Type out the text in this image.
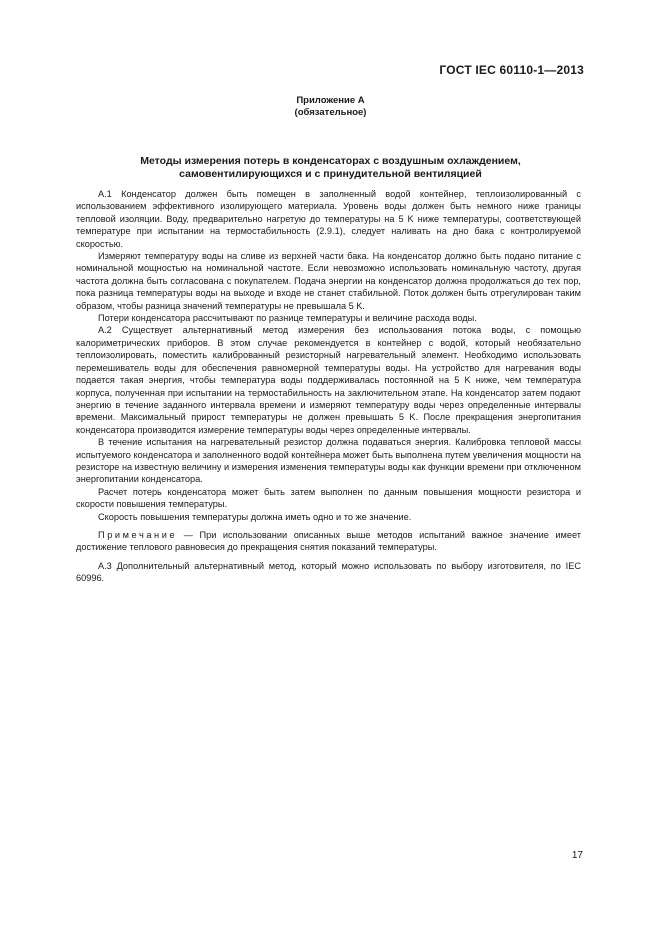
ГОСТ IEC 60110-1—2013
Приложение А
(обязательное)
Методы измерения потерь в конденсаторах с воздушным охлаждением,
самовентилирующихся и с принудительной вентиляцией

А.1 Конденсатор должен быть помещен в заполненный водой контейнер, теплоизолированный с использованием эффективного изолирующего материала. Уровень воды должен быть немного ниже границы тепловой изоляции. Воду, предварительно нагретую до температуры на 5 K ниже температуры, соответствующей температуре при испытании на термостабильность (2.9.1), следует наливать на дно бака с контролируемой скоростью.

Измеряют температуру воды на сливе из верхней части бака. На конденсатор должно быть подано питание с номинальной мощностью на номинальной частоте. Если невозможно использовать номинальную частоту, другая частота должна быть согласована с покупателем. Подача энергии на конденсатор должна продолжаться до тех пор, пока разница температуры воды на выходе и входе не станет стабильной. Поток должен быть отрегулирован таким образом, чтобы разница значений температуры не превышала 5 K.

Потери конденсатора рассчитывают по разнице температуры и величине расхода воды.

А.2 Существует альтернативный метод измерения без использования потока воды, с помощью калориметрических приборов. В этом случае рекомендуется в контейнер с водой, который необязательно теплоизолировать, поместить калиброванный резисторный нагревательный элемент. Необходимо использовать перемешиватель воды для обеспечения равномерной температуры воды. На устройство для нагревания воды подается такая энергия, чтобы температура воды поддерживалась постоянной на 5 K ниже, чем температура корпуса, полученная при испытании на термостабильность на заключительном этапе. На конденсатор затем подают энергию в течение заданного интервала времени и измеряют температуру воды через определенные интервалы времени. Максимальный прирост температуры не должен превышать 5 K. После прекращения энергопитания конденсатора производится измерение температуры воды через определенные интервалы.

В течение испытания на нагревательный резистор должна подаваться энергия. Калибровка тепловой массы испытуемого конденсатора и заполненного водой контейнера может быть выполнена путем увеличения мощности на резисторе на известную величину и измерения изменения температуры воды как функции времени при отключенном энергопитании конденсатора.

Расчет потерь конденсатора может быть затем выполнен по данным повышения мощности резистора и скорости повышения температуры.

Скорость повышения температуры должна иметь одно и то же значение.

Примечание — При использовании описанных выше методов испытаний важное значение имеет достижение теплового равновесия до прекращения снятия показаний температуры.

А.3 Дополнительный альтернативный метод, который можно использовать по выбору изготовителя, по IEC 60996.

17
